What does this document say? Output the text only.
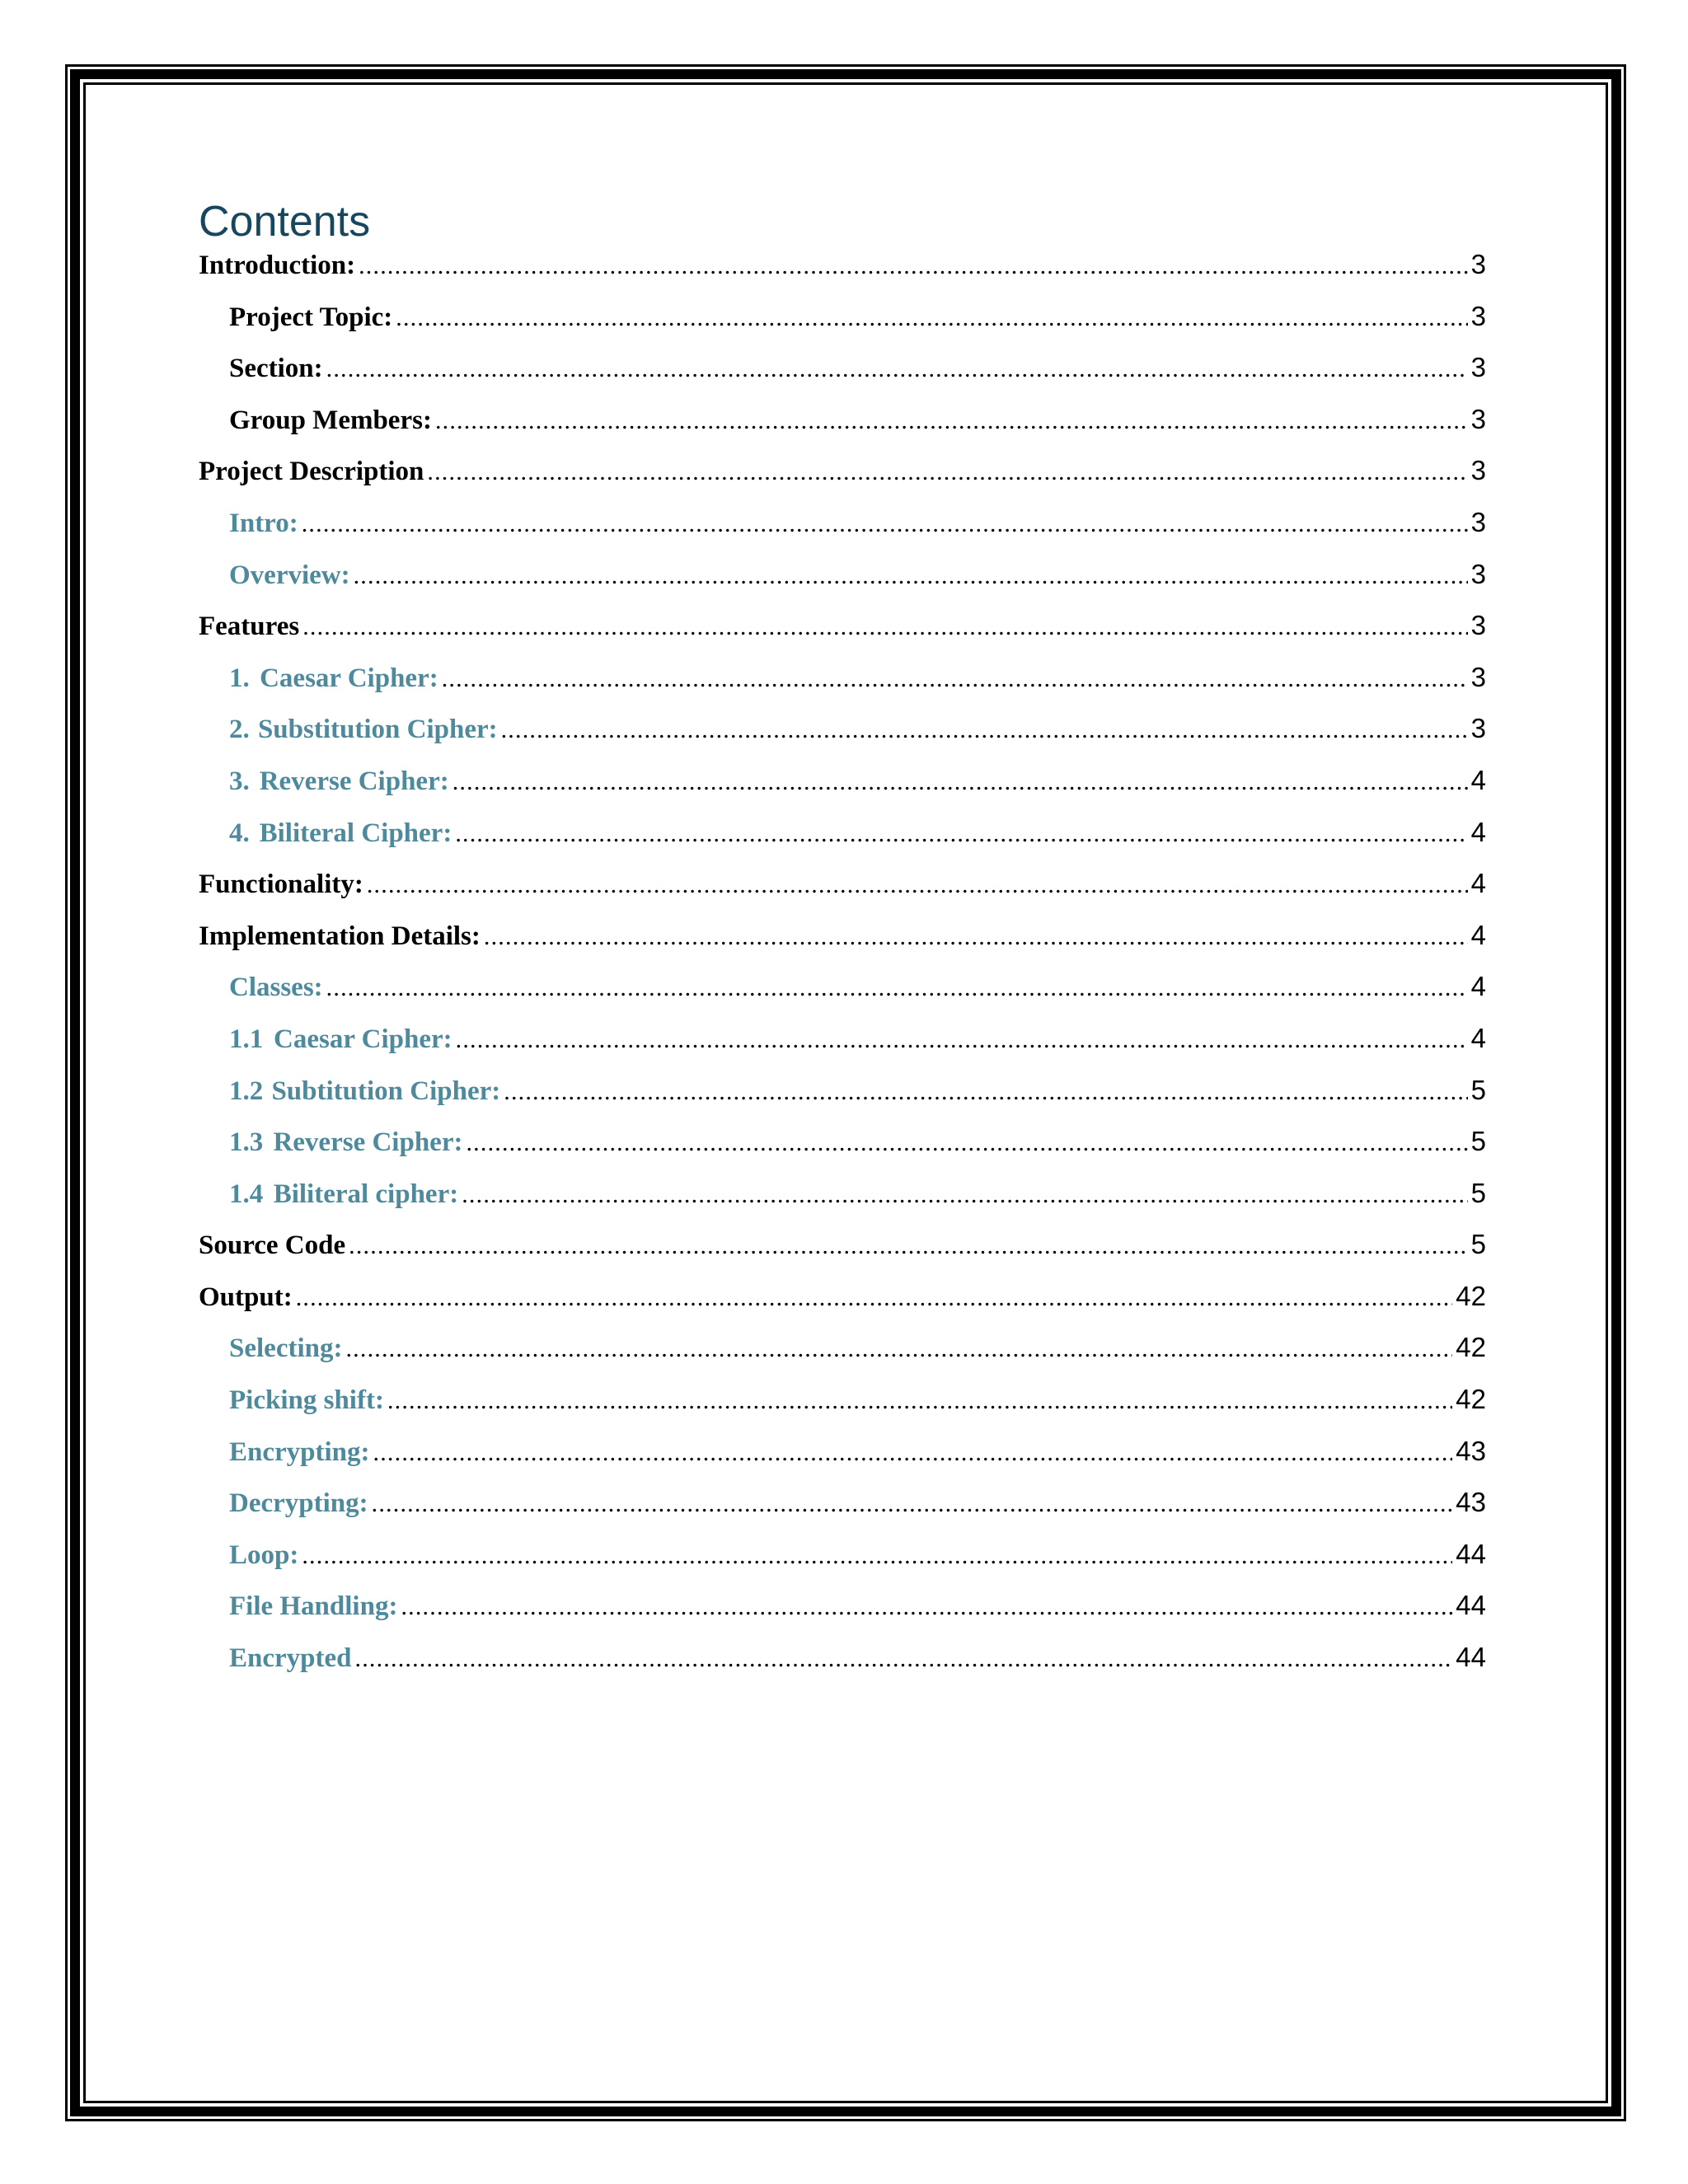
Contents
Introduction: .....	3
Project Topic: .....	3
Section: .....	3
Group Members: .....	3
Project Description .....	3
Intro: .....	3
Overview: .....	3
Features .....	3
1. Caesar Cipher: .....	3
2. Substitution Cipher: .....	3
3. Reverse Cipher: .....	4
4. Biliteral Cipher: .....	4
Functionality: .....	4
Implementation Details: .....	4
Classes: .....	4
1.1 Caesar Cipher: .....	4
1.2 Subtitution Cipher: .....	5
1.3 Reverse Cipher: .....	5
1.4 Biliteral cipher: .....	5
Source Code .....	5
Output: .....	42
Selecting: .....	42
Picking shift: .....	42
Encrypting: .....	43
Decrypting: .....	43
Loop: .....	44
File Handling: .....	44
Encrypted .....	44
